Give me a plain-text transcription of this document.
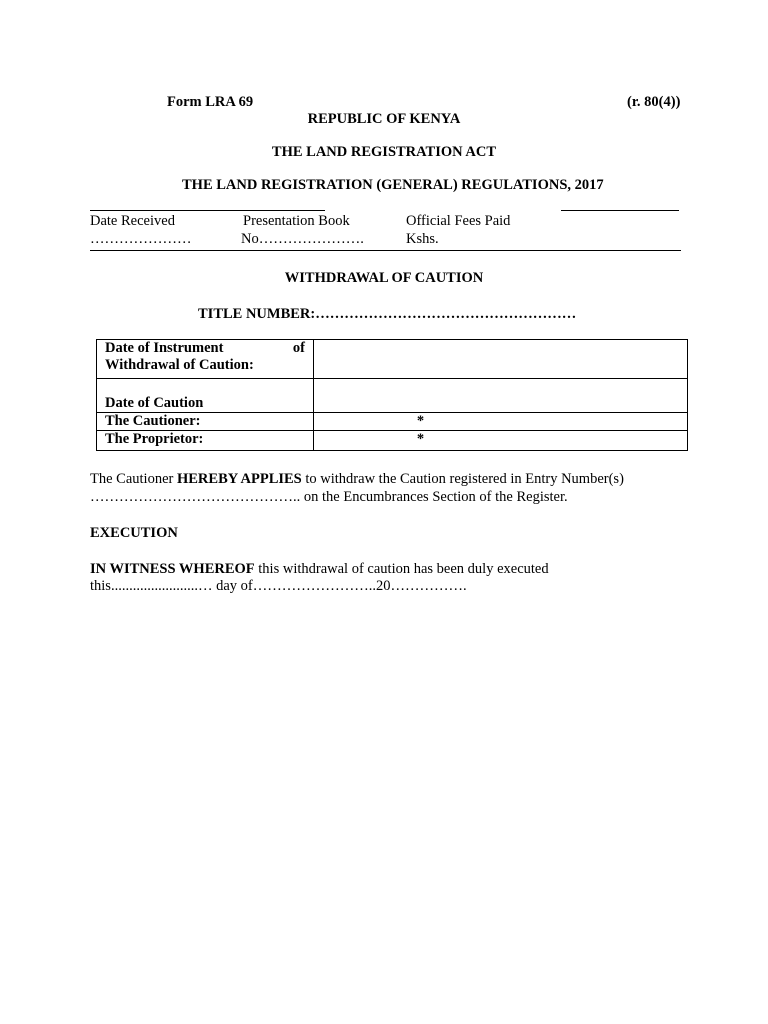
Form LRA 69	(r. 80(4))
REPUBLIC OF KENYA
THE LAND REGISTRATION ACT
THE LAND REGISTRATION (GENERAL) REGULATIONS, 2017
Date Received
…………………
Presentation Book
No………………….
Official Fees Paid
Kshs.
WITHDRAWAL OF CAUTION
TITLE NUMBER:………………………………………………
Date of Instrument of
Withdrawal of Caution:	

Date of Caution	
The Cautioner:	*
The Proprietor:	*
The Cautioner HEREBY APPLIES to withdraw the Caution registered in Entry Number(s)
…………………………………….. on the Encumbrances Section of the Register.
EXECUTION
IN WITNESS WHEREOF this withdrawal of caution has been duly executed
this........................… day of……………………..20…………….
